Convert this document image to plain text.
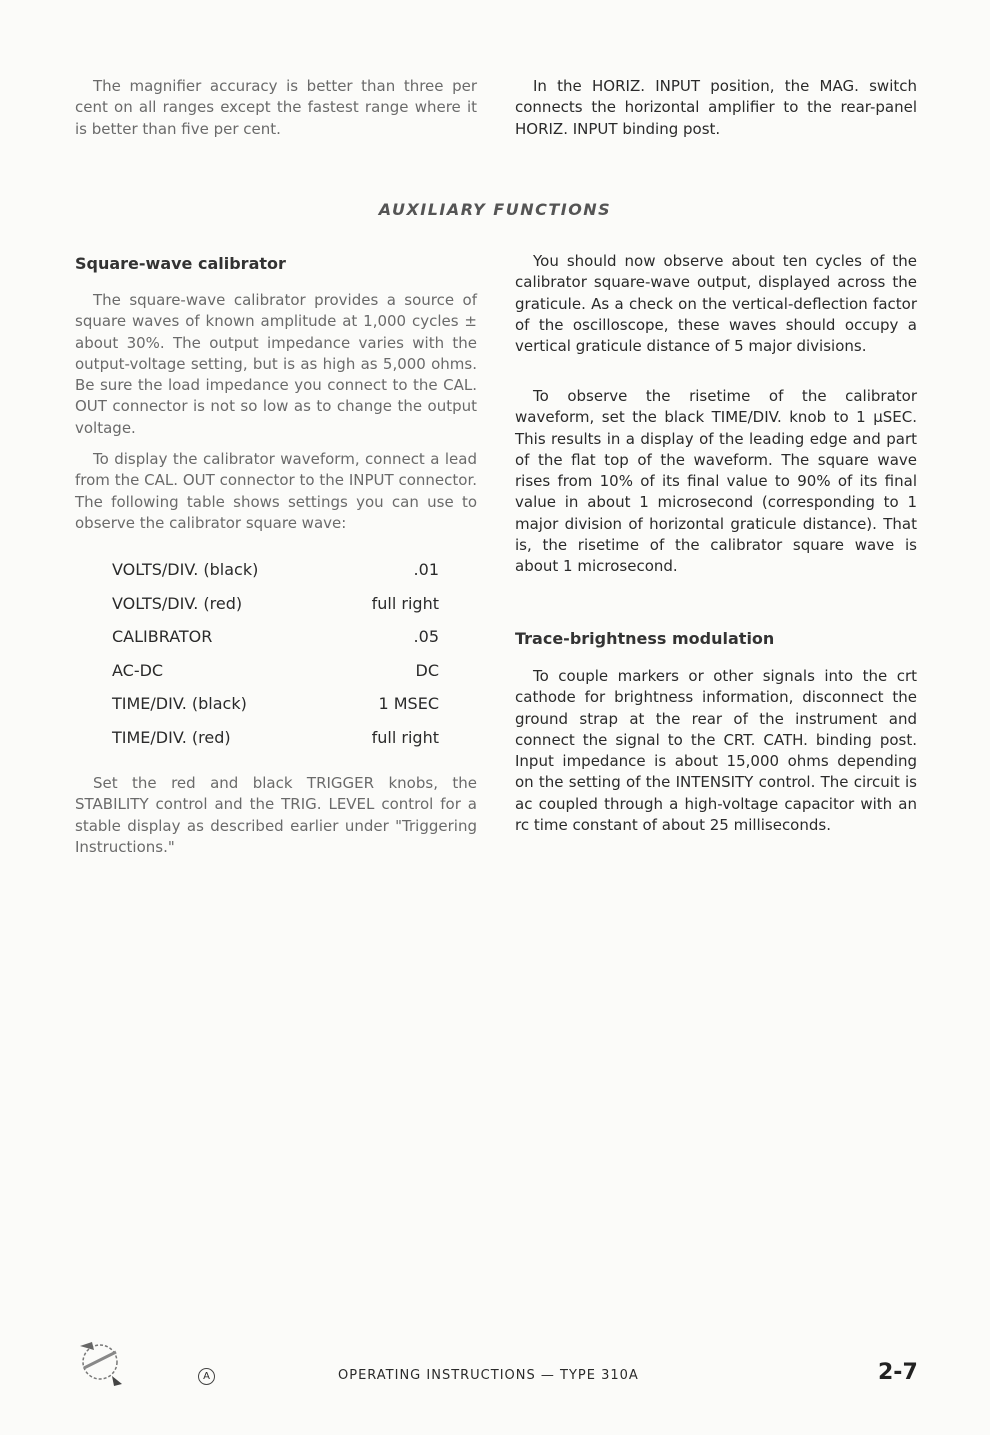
The magnifier accuracy is better than three per cent on all ranges except the fastest range where it is better than five per cent.

In the HORIZ. INPUT position, the MAG. switch connects the horizontal amplifier to the rear-panel HORIZ. INPUT binding post.

AUXILIARY FUNCTIONS
Square-wave calibrator

The square-wave calibrator provides a source of square waves of known amplitude at 1,000 cycles ± about 30%. The output impedance varies with the output-voltage setting, but is as high as 5,000 ohms. Be sure the load impedance you connect to the CAL. OUT connector is not so low as to change the output voltage.

To display the calibrator waveform, connect a lead from the CAL. OUT connector to the INPUT connector. The following table shows settings you can use to observe the calibrator square wave:

VOLTS/DIV. (black)	.01
VOLTS/DIV. (red)	full right
CALIBRATOR	.05
AC-DC	DC
TIME/DIV. (black)	1 MSEC
TIME/DIV. (red)	full right

Set the red and black TRIGGER knobs, the STABILITY control and the TRIG. LEVEL control for a stable display as described earlier under "Triggering Instructions."

You should now observe about ten cycles of the calibrator square-wave output, displayed across the graticule. As a check on the vertical-deflection factor of the oscilloscope, these waves should occupy a vertical graticule distance of 5 major divisions.

To observe the risetime of the calibrator waveform, set the black TIME/DIV. knob to 1 µSEC. This results in a display of the leading edge and part of the flat top of the waveform. The square wave rises from 10% of its final value to 90% of its final value in about 1 microsecond (corresponding to 1 major division of horizontal graticule distance). That is, the risetime of the calibrator square wave is about 1 microsecond.

Trace-brightness modulation

To couple markers or other signals into the crt cathode for brightness information, disconnect the ground strap at the rear of the instrument and connect the signal to the CRT. CATH. binding post. Input impedance is about 15,000 ohms depending on the setting of the INTENSITY control. The circuit is ac coupled through a high-voltage capacitor with an rc time constant of about 25 milliseconds.

A	OPERATING INSTRUCTIONS — TYPE 310A	2-7
